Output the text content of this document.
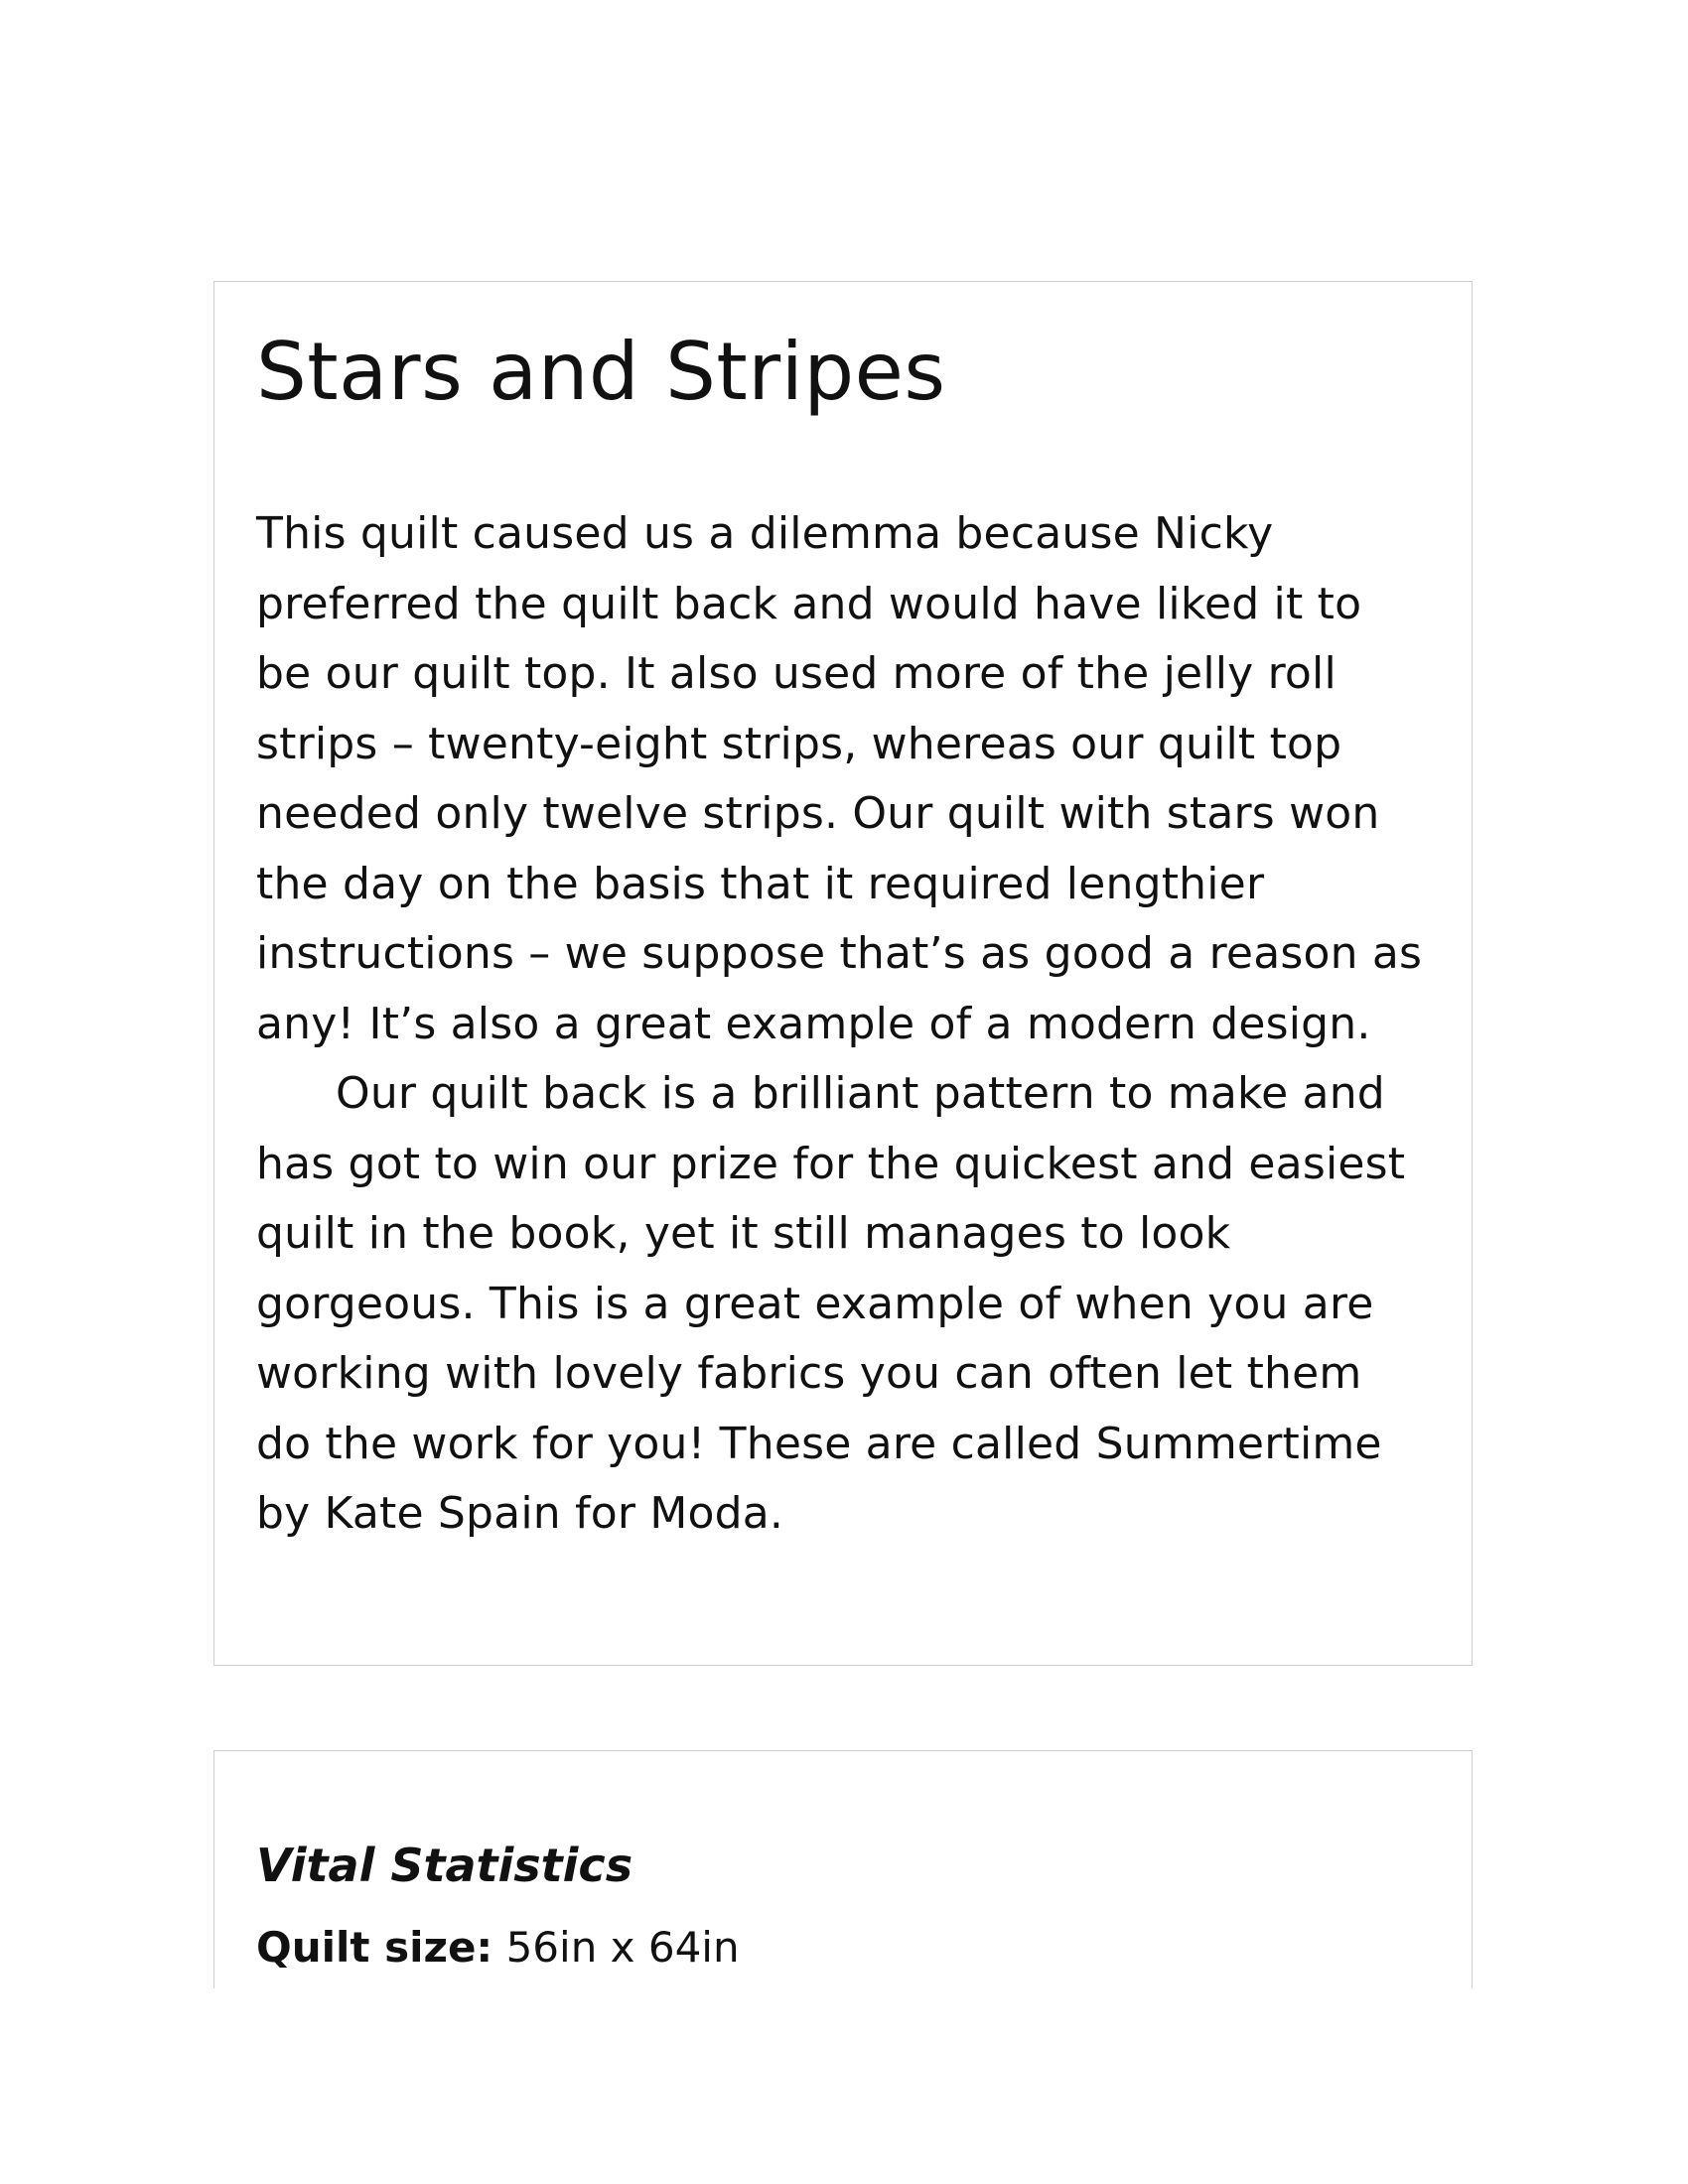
Stars and Stripes

This quilt caused us a dilemma because Nicky preferred the quilt back and would have liked it to be our quilt top. It also used more of the jelly roll strips – twenty-eight strips, whereas our quilt top needed only twelve strips. Our quilt with stars won the day on the basis that it required lengthier instructions – we suppose that’s as good a reason as any! It’s also a great example of a modern design.

Our quilt back is a brilliant pattern to make and has got to win our prize for the quickest and easiest quilt in the book, yet it still manages to look gorgeous. This is a great example of when you are working with lovely fabrics you can often let them do the work for you! These are called Summertime by Kate Spain for Moda.

Vital Statistics
Quilt size: 56in x 64in
